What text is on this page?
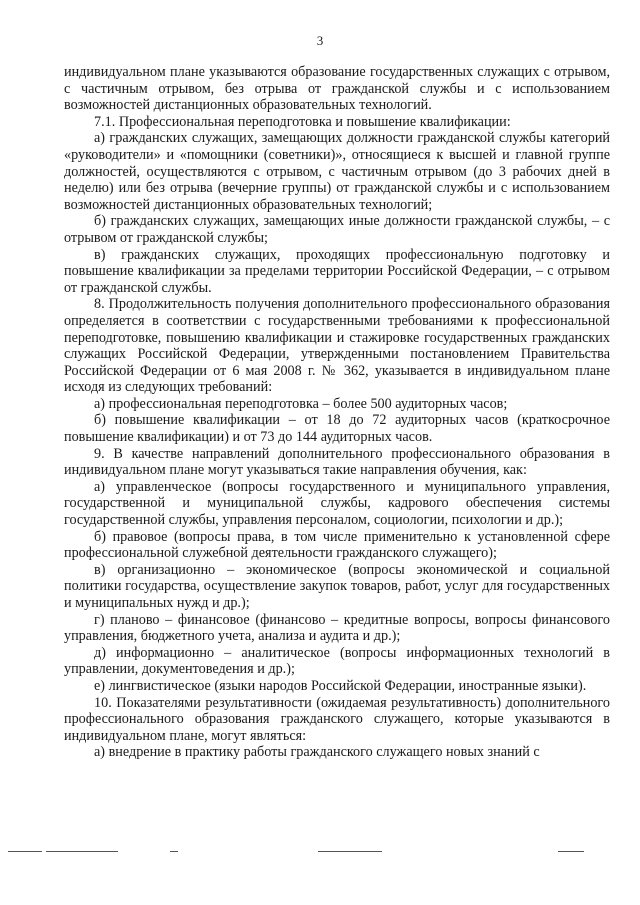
3

индивидуальном плане указываются образование государственных служащих с отрывом, с частичным отрывом, без отрыва от гражданской службы и с использованием возможностей дистанционных образовательных технологий.

7.1. Профессиональная переподготовка и повышение квалификации:

а) гражданских служащих, замещающих должности гражданской службы категорий «руководители» и «помощники (советники)», относящиеся к высшей и главной группе должностей, осуществляются с отрывом, с частичным отрывом (до 3 рабочих дней в неделю) или без отрыва (вечерние группы) от гражданской службы и с использованием возможностей дистанционных образовательных технологий;

б) гражданских служащих, замещающих иные должности гражданской службы, – с отрывом от гражданской службы;

в) гражданских служащих, проходящих профессиональную подготовку и повышение квалификации за пределами территории Российской Федерации, – с отрывом от гражданской службы.

8. Продолжительность получения дополнительного профессионального образования определяется в соответствии с государственными требованиями к профессиональной переподготовке, повышению квалификации и стажировке государственных гражданских служащих Российской Федерации, утвержденными постановлением Правительства Российской Федерации от 6 мая 2008 г. № 362, указывается в индивидуальном плане исходя из следующих требований:

а) профессиональная переподготовка – более 500 аудиторных часов;

б) повышение квалификации – от 18 до 72 аудиторных часов (краткосрочное повышение квалификации) и от 73 до 144 аудиторных часов.

9. В качестве направлений дополнительного профессионального образования в индивидуальном плане могут указываться такие направления обучения, как:

а) управленческое (вопросы государственного и муниципального управления, государственной и муниципальной службы, кадрового обеспечения системы государственной службы, управления персоналом, социологии, психологии и др.);

б) правовое (вопросы права, в том числе применительно к установленной сфере профессиональной служебной деятельности гражданского служащего);

в) организационно – экономическое (вопросы экономической и социальной политики государства, осуществление закупок товаров, работ, услуг для государственных и муниципальных нужд и др.);

г) планово – финансовое (финансово – кредитные вопросы, вопросы финансового управления, бюджетного учета, анализа и аудита и др.);

д) информационно – аналитическое (вопросы информационных технологий в управлении, документоведения и др.);

е) лингвистическое (языки народов Российской Федерации, иностранные языки).

10. Показателями результативности (ожидаемая результативность) дополнительного профессионального образования гражданского служащего, которые указываются в индивидуальном плане, могут являться:

а) внедрение в практику работы гражданского служащего новых знаний с
